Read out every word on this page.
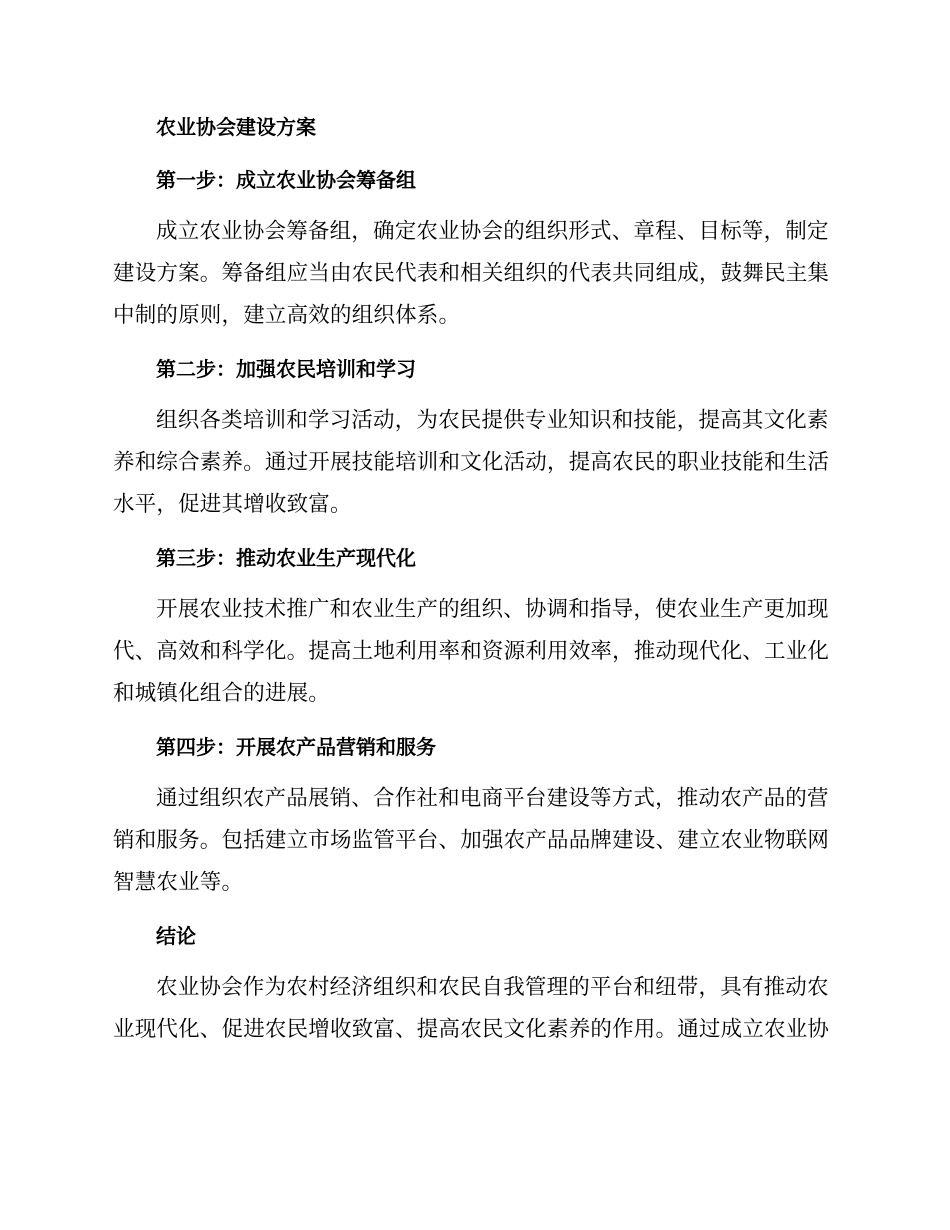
农业协会建设方案

第一步：成立农业协会筹备组

成立农业协会筹备组，确定农业协会的组织形式、章程、目标等，制定
建设方案。筹备组应当由农民代表和相关组织的代表共同组成，鼓舞民主集
中制的原则，建立高效的组织体系。

第二步：加强农民培训和学习

组织各类培训和学习活动，为农民提供专业知识和技能，提高其文化素
养和综合素养。通过开展技能培训和文化活动，提高农民的职业技能和生活
水平，促进其增收致富。

第三步：推动农业生产现代化

开展农业技术推广和农业生产的组织、协调和指导，使农业生产更加现
代、高效和科学化。提高土地利用率和资源利用效率，推动现代化、工业化
和城镇化组合的进展。

第四步：开展农产品营销和服务

通过组织农产品展销、合作社和电商平台建设等方式，推动农产品的营
销和服务。包括建立市场监管平台、加强农产品品牌建设、建立农业物联网
智慧农业等。

结论

农业协会作为农村经济组织和农民自我管理的平台和纽带，具有推动农
业现代化、促进农民增收致富、提高农民文化素养的作用。通过成立农业协
